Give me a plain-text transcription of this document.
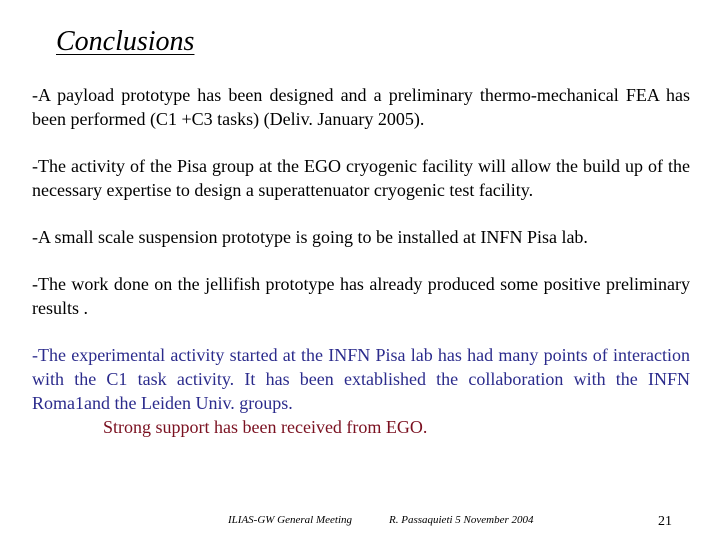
Conclusions

-A payload prototype has been designed and a preliminary thermo-mechanical FEA has been performed (C1 +C3 tasks) (Deliv. January 2005).

-The activity of the Pisa group at the EGO cryogenic facility will allow the build up of the necessary expertise to design a superattenuator cryogenic test facility.

-A small scale suspension prototype is going to be installed at INFN Pisa lab.

-The work done on the jellifish prototype has already produced some positive preliminary results .

-The experimental activity started at the INFN Pisa lab has had many points of interaction with the C1 task activity. It has been extablished the collaboration with the INFN Roma1and the Leiden Univ. groups.

Strong support has been received from EGO.

ILIAS-GW General Meeting	R. Passaquieti 5 November 2004	21
